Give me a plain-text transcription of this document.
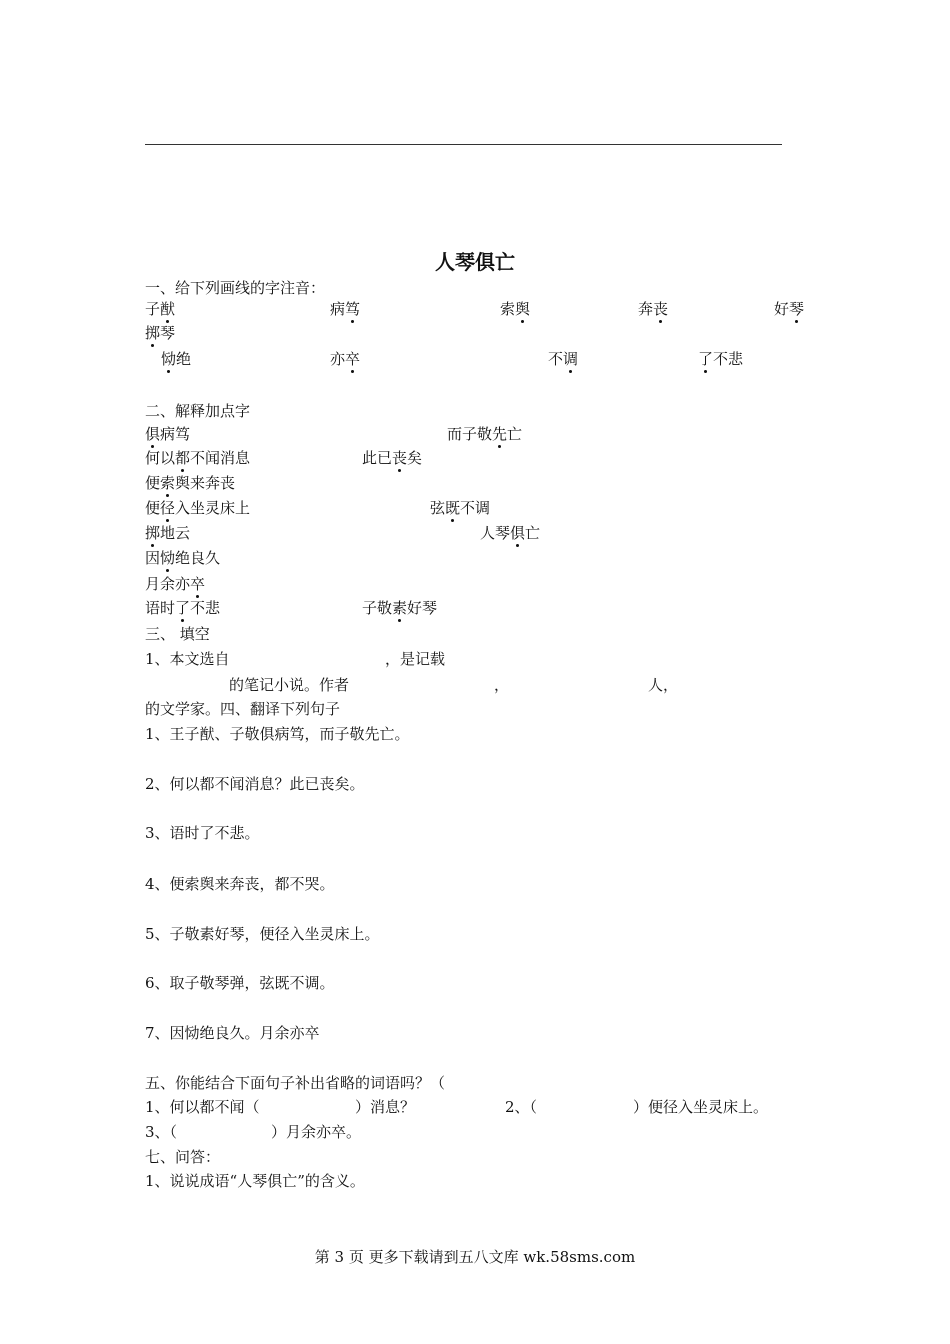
人琴俱亡
一、给下列画线的字注音：
子猷	病笃	索舆	奔丧	好琴
掷琴
恸绝	亦卒	不调	了不悲
二、解释加点字
俱病笃	而子敬先亡
何以都不闻消息	此已丧矣
便索舆来奔丧
便径入坐灵床上	弦既不调
掷地云	人琴俱亡
因恸绝良久
月余亦卒
语时了不悲	子敬素好琴
三、 填空
1、本文选自	，是记载
的笔记小说。作者	，	人，
的文学家。四、翻译下列句子
1、王子猷、子敬俱病笃，而子敬先亡。
2、何以都不闻消息？此已丧矣。
3、语时了不悲。
4、便索舆来奔丧，都不哭。
5、子敬素好琴，便径入坐灵床上。
6、取子敬琴弹，弦既不调。
7、因恸绝良久。月余亦卒
五、你能结合下面句子补出省略的词语吗？（
1、何以都不闻（	）消息？	2、（	）便径入坐灵床上。
3、（	）月余亦卒。
七、问答：
1、说说成语“人琴俱亡”的含义。
第 3 页 更多下载请到五八文库 wk.58sms.com
